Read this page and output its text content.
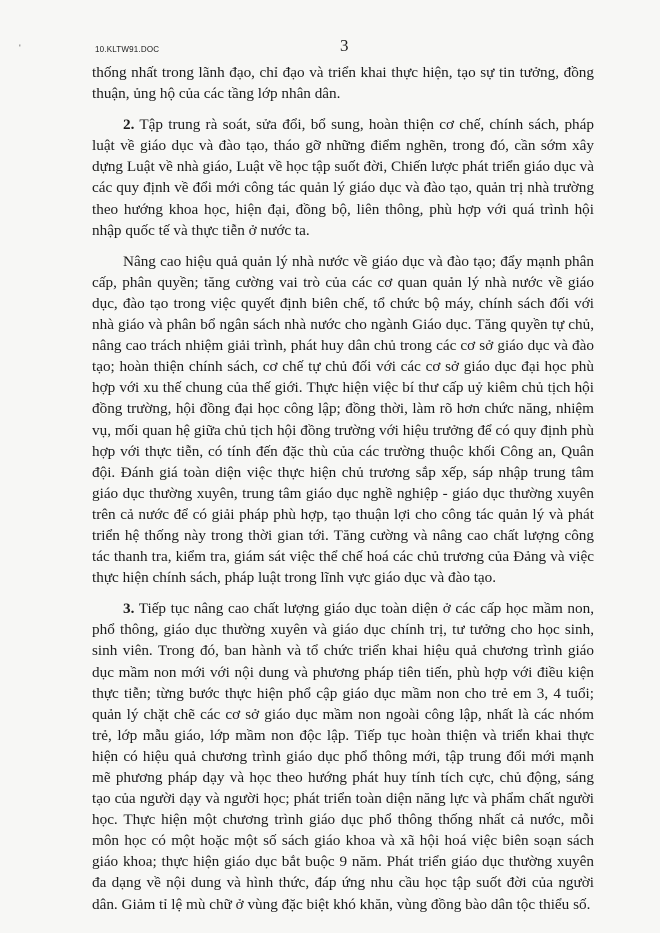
'	10.KLTW91.DOC	3

thống nhất trong lãnh đạo, chỉ đạo và triển khai thực hiện, tạo sự tin tưởng, đồng thuận, ủng hộ của các tầng lớp nhân dân.

2. Tập trung rà soát, sửa đổi, bổ sung, hoàn thiện cơ chế, chính sách, pháp luật về giáo dục và đào tạo, tháo gỡ những điểm nghẽn, trong đó, cần sớm xây dựng Luật về nhà giáo, Luật về học tập suốt đời, Chiến lược phát triển giáo dục và các quy định về đổi mới công tác quản lý giáo dục và đào tạo, quản trị nhà trường theo hướng khoa học, hiện đại, đồng bộ, liên thông, phù hợp với quá trình hội nhập quốc tế và thực tiễn ở nước ta.

Nâng cao hiệu quả quản lý nhà nước về giáo dục và đào tạo; đẩy mạnh phân cấp, phân quyền; tăng cường vai trò của các cơ quan quản lý nhà nước về giáo dục, đào tạo trong việc quyết định biên chế, tổ chức bộ máy, chính sách đối với nhà giáo và phân bổ ngân sách nhà nước cho ngành Giáo dục. Tăng quyền tự chủ, nâng cao trách nhiệm giải trình, phát huy dân chủ trong các cơ sở giáo dục và đào tạo; hoàn thiện chính sách, cơ chế tự chủ đối với các cơ sở giáo dục đại học phù hợp với xu thế chung của thế giới. Thực hiện việc bí thư cấp uỷ kiêm chủ tịch hội đồng trường, hội đồng đại học công lập; đồng thời, làm rõ hơn chức năng, nhiệm vụ, mối quan hệ giữa chủ tịch hội đồng trường với hiệu trưởng để có quy định phù hợp với thực tiễn, có tính đến đặc thù của các trường thuộc khối Công an, Quân đội. Đánh giá toàn diện việc thực hiện chủ trương sắp xếp, sáp nhập trung tâm giáo dục thường xuyên, trung tâm giáo dục nghề nghiệp - giáo dục thường xuyên trên cả nước để có giải pháp phù hợp, tạo thuận lợi cho công tác quản lý và phát triển hệ thống này trong thời gian tới. Tăng cường và nâng cao chất lượng công tác thanh tra, kiểm tra, giám sát việc thể chế hoá các chủ trương của Đảng và việc thực hiện chính sách, pháp luật trong lĩnh vực giáo dục và đào tạo.

3. Tiếp tục nâng cao chất lượng giáo dục toàn diện ở các cấp học mầm non, phổ thông, giáo dục thường xuyên và giáo dục chính trị, tư tưởng cho học sinh, sinh viên. Trong đó, ban hành và tổ chức triển khai hiệu quả chương trình giáo dục mầm non mới với nội dung và phương pháp tiên tiến, phù hợp với điều kiện thực tiễn; từng bước thực hiện phổ cập giáo dục mầm non cho trẻ em 3, 4 tuổi; quản lý chặt chẽ các cơ sở giáo dục mầm non ngoài công lập, nhất là các nhóm trẻ, lớp mẫu giáo, lớp mầm non độc lập. Tiếp tục hoàn thiện và triển khai thực hiện có hiệu quả chương trình giáo dục phổ thông mới, tập trung đổi mới mạnh mẽ phương pháp dạy và học theo hướng phát huy tính tích cực, chủ động, sáng tạo của người dạy và người học; phát triển toàn diện năng lực và phẩm chất người học. Thực hiện một chương trình giáo dục phổ thông thống nhất cả nước, mỗi môn học có một hoặc một số sách giáo khoa và xã hội hoá việc biên soạn sách giáo khoa; thực hiện giáo dục bắt buộc 9 năm. Phát triển giáo dục thường xuyên đa dạng về nội dung và hình thức, đáp ứng nhu cầu học tập suốt đời của người dân. Giảm tỉ lệ mù chữ ở vùng đặc biệt khó khăn, vùng đồng bào dân tộc thiểu số.
